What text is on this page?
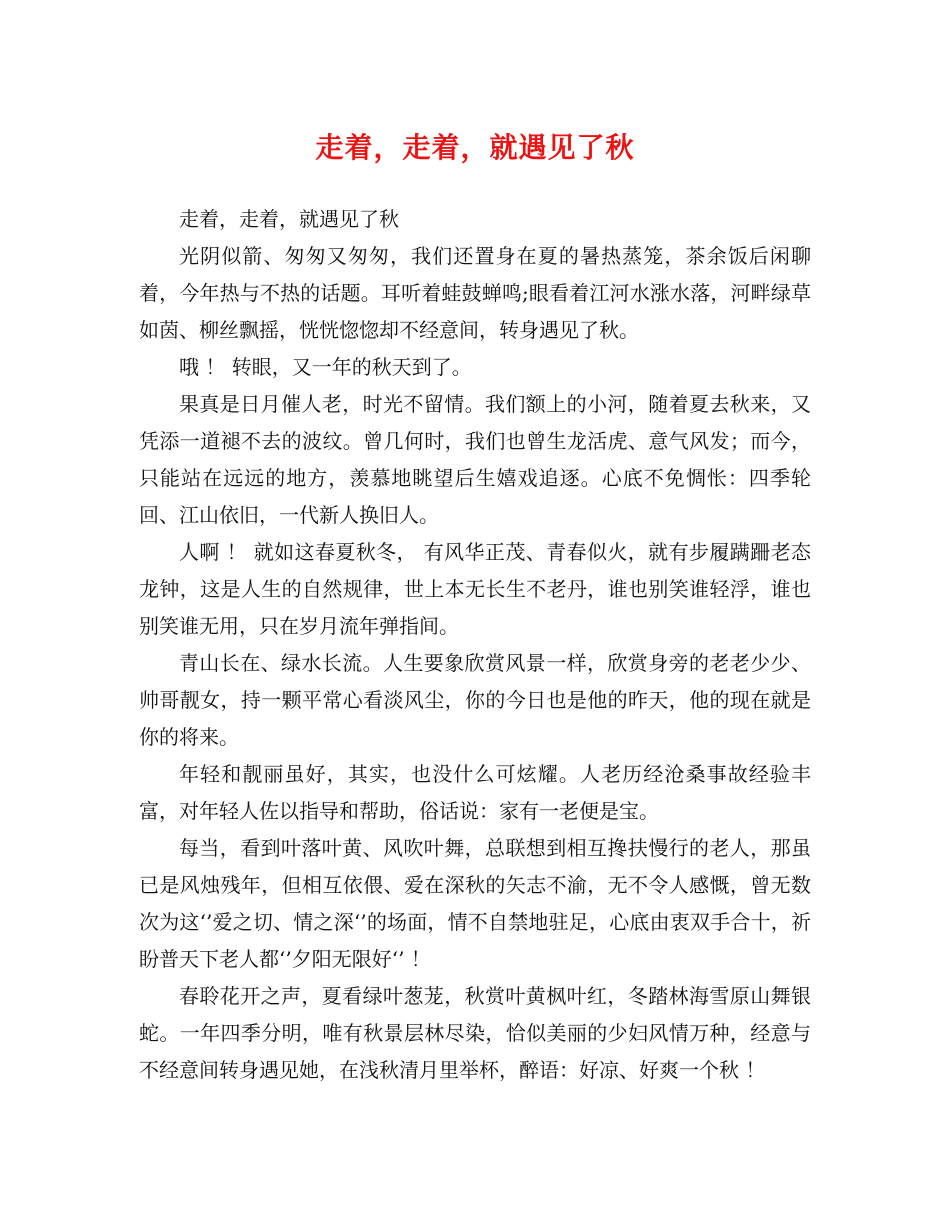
走着，走着，就遇见了秋

走着，走着，就遇见了秋

光阴似箭、匆匆又匆匆，我们还置身在夏的暑热蒸笼，茶余饭后闲聊着，今年热与不热的话题。耳听着蛙鼓蝉鸣;眼看着江河水涨水落，河畔绿草如茵、柳丝飘摇，恍恍惚惚却不经意间，转身遇见了秋。

哦 ！ 转眼，又一年的秋天到了。

果真是日月催人老，时光不留情。我们额上的小河，随着夏去秋来，又凭添一道褪不去的波纹。曾几何时，我们也曾生龙活虎、意气风发；而今，只能站在远远的地方，羡慕地眺望后生嬉戏追逐。心底不免惆怅：四季轮回、江山依旧，一代新人换旧人。

人啊 ！ 就如这春夏秋冬， 有风华正茂、青春似火，就有步履蹒跚老态龙钟，这是人生的自然规律，世上本无长生不老丹，谁也别笑谁轻浮，谁也别笑谁无用，只在岁月流年弹指间。

青山长在、绿水长流。人生要象欣赏风景一样，欣赏身旁的老老少少、帅哥靓女，持一颗平常心看淡风尘，你的今日也是他的昨天，他的现在就是你的将来。

年轻和靓丽虽好，其实，也没什么可炫耀。人老历经沧桑事故经验丰富，对年轻人佐以指导和帮助，俗话说：家有一老便是宝。

每当，看到叶落叶黄、风吹叶舞，总联想到相互搀扶慢行的老人，那虽已是风烛残年，但相互依偎、爱在深秋的矢志不渝，无不令人感慨，曾无数次为这‘’爱之切、情之深‘’的场面，情不自禁地驻足，心底由衷双手合十，祈盼普天下老人都‘’夕阳无限好‘’ ！

春聆花开之声，夏看绿叶葱茏，秋赏叶黄枫叶红，冬踏林海雪原山舞银蛇。一年四季分明，唯有秋景层林尽染，恰似美丽的少妇风情万种，经意与不经意间转身遇见她，在浅秋清月里举杯，醉语：好凉、好爽一个秋 ！
